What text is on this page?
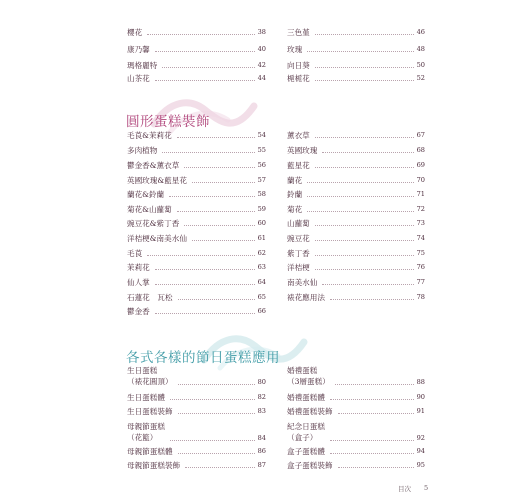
櫻花	38
康乃馨	40
瑪格麗特	42
山茶花	44
三色堇	46
玫瑰	48
向日葵	50
梔栀花	52
圓形蛋糕裝飾
毛莨&茉莉花	54
多肉植物	55
鬱金香&薰衣草	56
英國玫瑰&藍星花	57
蘭花&鈴蘭	58
菊花&山蘿蔔	59
豌豆花&紫丁香	60
洋桔梗&南美水仙	61
毛莨	62
茉莉花	63
仙人掌	64
石蓮花　瓦松	65
鬱金香	66
薰衣草	67
英國玫瑰	68
藍星花	69
蘭花	70
鈴蘭	71
菊花	72
山蘿蔔	73
豌豆花	74
紫丁香	75
洋桔梗	76
南美水仙	77
裱花應用法	78
各式各樣的節日蛋糕應用
生日蛋糕
（裱花圓頂）	80
生日蛋糕體	82
生日蛋糕裝飾	83
母親節蛋糕
（花籃）	84
母親節蛋糕體	86
母親節蛋糕裝飾	87
婚禮蛋糕
（3層蛋糕）	88
婚禮蛋糕體	90
婚禮蛋糕裝飾	91
紀念日蛋糕
（盒子）	92
盒子蛋糕體	94
盒子蛋糕裝飾	95
目次 5
